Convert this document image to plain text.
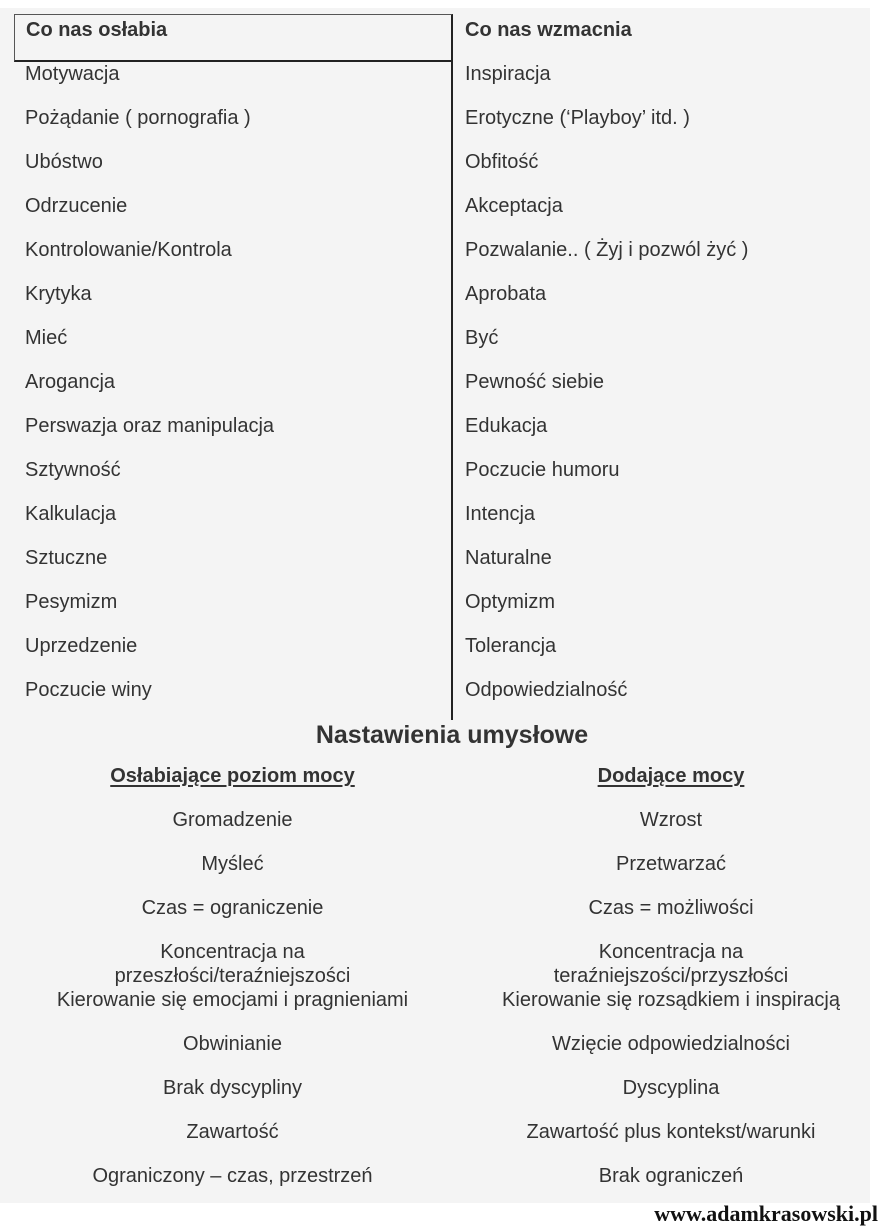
Co nas osłabia	Co nas wzmacnia
Motywacja
Pożądanie ( pornografia )
Ubóstwo
Odrzucenie
Kontrolowanie/Kontrola
Krytyka
Mieć
Arogancja
Perswazja oraz manipulacja
Sztywność
Kalkulacja
Sztuczne
Pesymizm
Uprzedzenie
Poczucie winy
Inspiracja
Erotyczne (‘Playboy’ itd. )
Obfitość
Akceptacja
Pozwalanie.. ( Żyj i pozwól żyć )
Aprobata
Być
Pewność siebie
Edukacja
Poczucie humoru
Intencja
Naturalne
Optymizm
Tolerancja
Odpowiedzialność
Nastawienia umysłowe
Osłabiające poziom mocy
Gromadzenie
Myśleć
Czas = ograniczenie
Koncentracja na
przeszłości/teraźniejszości
Kierowanie się emocjami i pragnieniami
Obwinianie
Brak dyscypliny
Zawartość
Ograniczony – czas, przestrzeń
Dodające mocy
Wzrost
Przetwarzać
Czas = możliwości
Koncentracja na
teraźniejszości/przyszłości
Kierowanie się rozsądkiem i inspiracją
Wzięcie odpowiedzialności
Dyscyplina
Zawartość plus kontekst/warunki
Brak ograniczeń
www.adamkrasowski.pl
